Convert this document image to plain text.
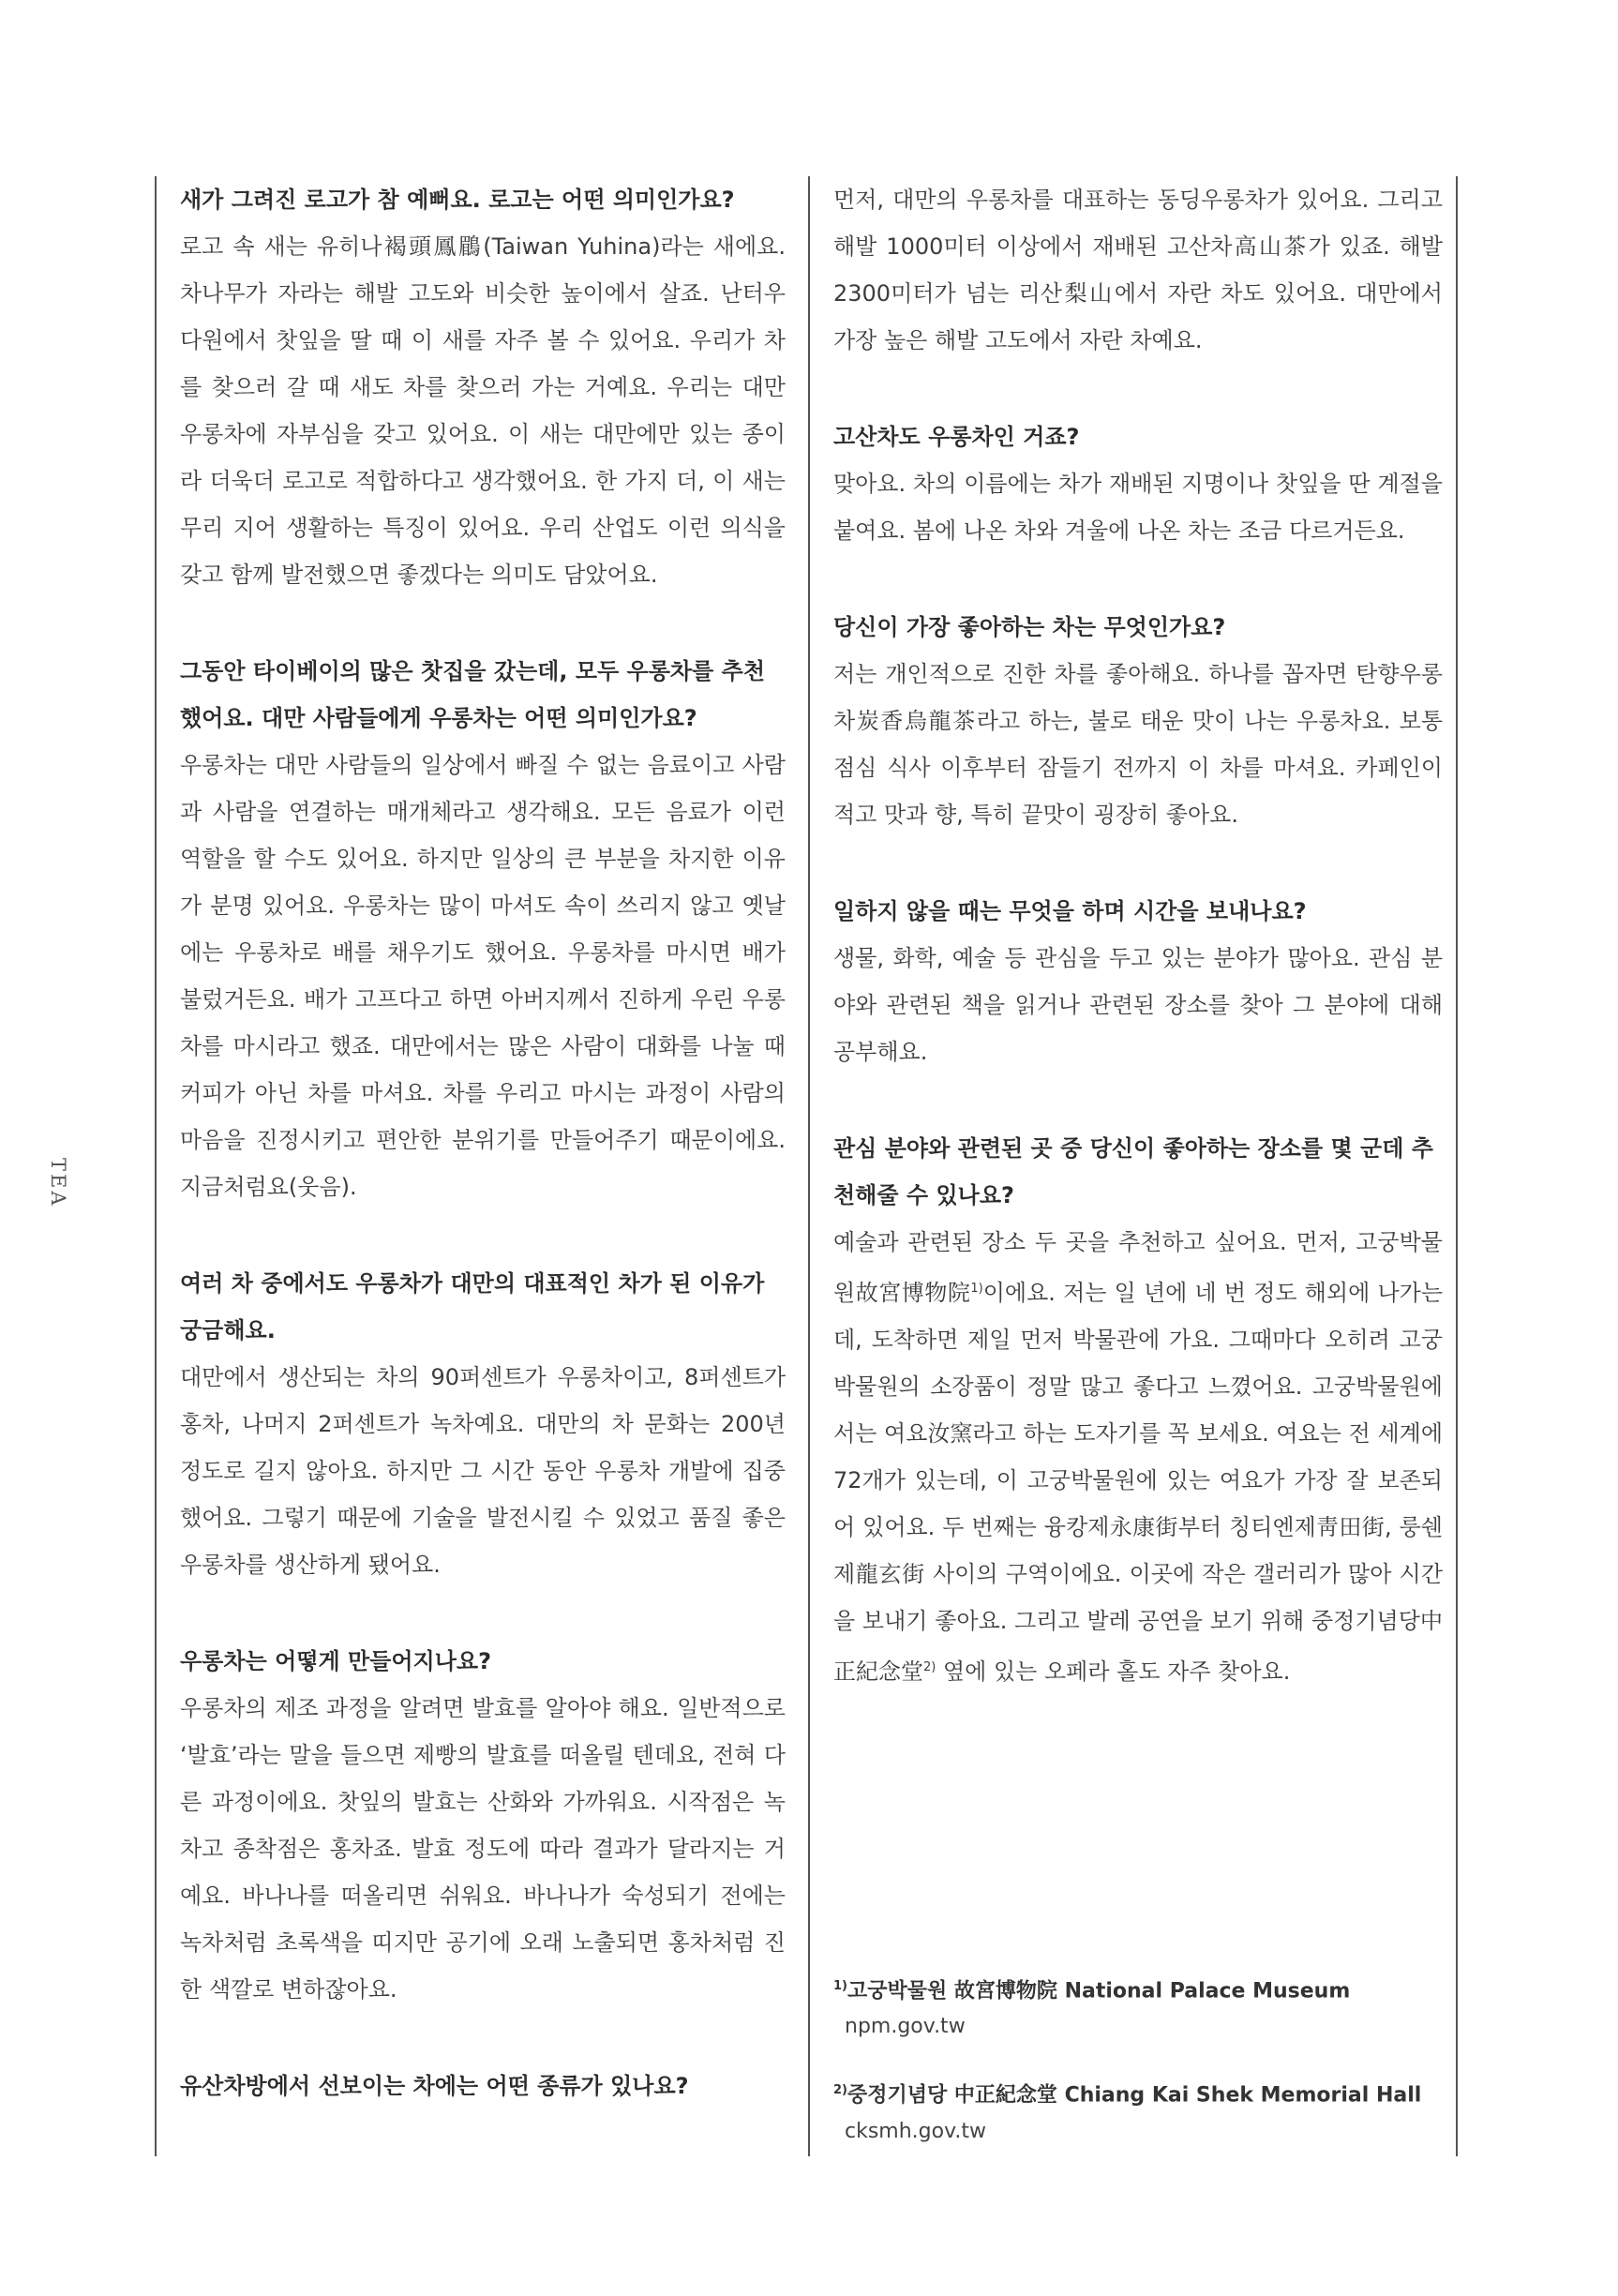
TEA

새가 그려진 로고가 참 예뻐요. 로고는 어떤 의미인가요?

로고 속 새는 유히나褐頭鳳鶥(Taiwan Yuhina)라는 새에요. 차나무가 자라는 해발 고도와 비슷한 높이에서 살죠. 난터우 다원에서 찻잎을 딸 때 이 새를 자주 볼 수 있어요. 우리가 차를 찾으러 갈 때 새도 차를 찾으러 가는 거예요. 우리는 대만 우롱차에 자부심을 갖고 있어요. 이 새는 대만에만 있는 종이라 더욱더 로고로 적합하다고 생각했어요. 한 가지 더, 이 새는 무리 지어 생활하는 특징이 있어요. 우리 산업도 이런 의식을 갖고 함께 발전했으면 좋겠다는 의미도 담았어요.

그동안 타이베이의 많은 찻집을 갔는데, 모두 우롱차를 추천했어요. 대만 사람들에게 우롱차는 어떤 의미인가요?

우롱차는 대만 사람들의 일상에서 빠질 수 없는 음료이고 사람과 사람을 연결하는 매개체라고 생각해요. 모든 음료가 이런 역할을 할 수도 있어요. 하지만 일상의 큰 부분을 차지한 이유가 분명 있어요. 우롱차는 많이 마셔도 속이 쓰리지 않고 옛날에는 우롱차로 배를 채우기도 했어요. 우롱차를 마시면 배가 불렀거든요. 배가 고프다고 하면 아버지께서 진하게 우린 우롱차를 마시라고 했죠. 대만에서는 많은 사람이 대화를 나눌 때 커피가 아닌 차를 마셔요. 차를 우리고 마시는 과정이 사람의 마음을 진정시키고 편안한 분위기를 만들어주기 때문이에요. 지금처럼요(웃음).

여러 차 중에서도 우롱차가 대만의 대표적인 차가 된 이유가 궁금해요.

대만에서 생산되는 차의 90퍼센트가 우롱차이고, 8퍼센트가 홍차, 나머지 2퍼센트가 녹차예요. 대만의 차 문화는 200년 정도로 길지 않아요. 하지만 그 시간 동안 우롱차 개발에 집중했어요. 그렇기 때문에 기술을 발전시킬 수 있었고 품질 좋은 우롱차를 생산하게 됐어요.

우롱차는 어떻게 만들어지나요?

우롱차의 제조 과정을 알려면 발효를 알아야 해요. 일반적으로 ‘발효’라는 말을 들으면 제빵의 발효를 떠올릴 텐데요, 전혀 다른 과정이에요. 찻잎의 발효는 산화와 가까워요. 시작점은 녹차고 종착점은 홍차죠. 발효 정도에 따라 결과가 달라지는 거예요. 바나나를 떠올리면 쉬워요. 바나나가 숙성되기 전에는 녹차처럼 초록색을 띠지만 공기에 오래 노출되면 홍차처럼 진한 색깔로 변하잖아요.

유산차방에서 선보이는 차에는 어떤 종류가 있나요?

먼저, 대만의 우롱차를 대표하는 동딩우롱차가 있어요. 그리고 해발 1000미터 이상에서 재배된 고산차高山茶가 있죠. 해발 2300미터가 넘는 리산梨山에서 자란 차도 있어요. 대만에서 가장 높은 해발 고도에서 자란 차예요.

고산차도 우롱차인 거죠?

맞아요. 차의 이름에는 차가 재배된 지명이나 찻잎을 딴 계절을 붙여요. 봄에 나온 차와 겨울에 나온 차는 조금 다르거든요.

당신이 가장 좋아하는 차는 무엇인가요?

저는 개인적으로 진한 차를 좋아해요. 하나를 꼽자면 탄향우롱차炭香烏龍茶라고 하는, 불로 태운 맛이 나는 우롱차요. 보통 점심 식사 이후부터 잠들기 전까지 이 차를 마셔요. 카페인이 적고 맛과 향, 특히 끝맛이 굉장히 좋아요.

일하지 않을 때는 무엇을 하며 시간을 보내나요?

생물, 화학, 예술 등 관심을 두고 있는 분야가 많아요. 관심 분야와 관련된 책을 읽거나 관련된 장소를 찾아 그 분야에 대해 공부해요.

관심 분야와 관련된 곳 중 당신이 좋아하는 장소를 몇 군데 추천해줄 수 있나요?

예술과 관련된 장소 두 곳을 추천하고 싶어요. 먼저, 고궁박물원故宮博物院$^{1)}$이에요. 저는 일 년에 네 번 정도 해외에 나가는데, 도착하면 제일 먼저 박물관에 가요. 그때마다 오히려 고궁박물원의 소장품이 정말 많고 좋다고 느꼈어요. 고궁박물원에서는 여요汝窯라고 하는 도자기를 꼭 보세요. 여요는 전 세계에 72개가 있는데, 이 고궁박물원에 있는 여요가 가장 잘 보존되어 있어요. 두 번째는 융캉제永康街부터 칭티엔제靑田街, 룽쉔제龍玄街 사이의 구역이에요. 이곳에 작은 갤러리가 많아 시간을 보내기 좋아요. 그리고 발레 공연을 보기 위해 중정기념당中正紀念堂$^{2)}$ 옆에 있는 오페라 홀도 자주 찾아요.

$^{1)}$고궁박물원 故宮博物院 National Palace Museum

npm.gov.tw

$^{2)}$중정기념당 中正紀念堂 Chiang Kai Shek Memorial Hall

cksmh.gov.tw
